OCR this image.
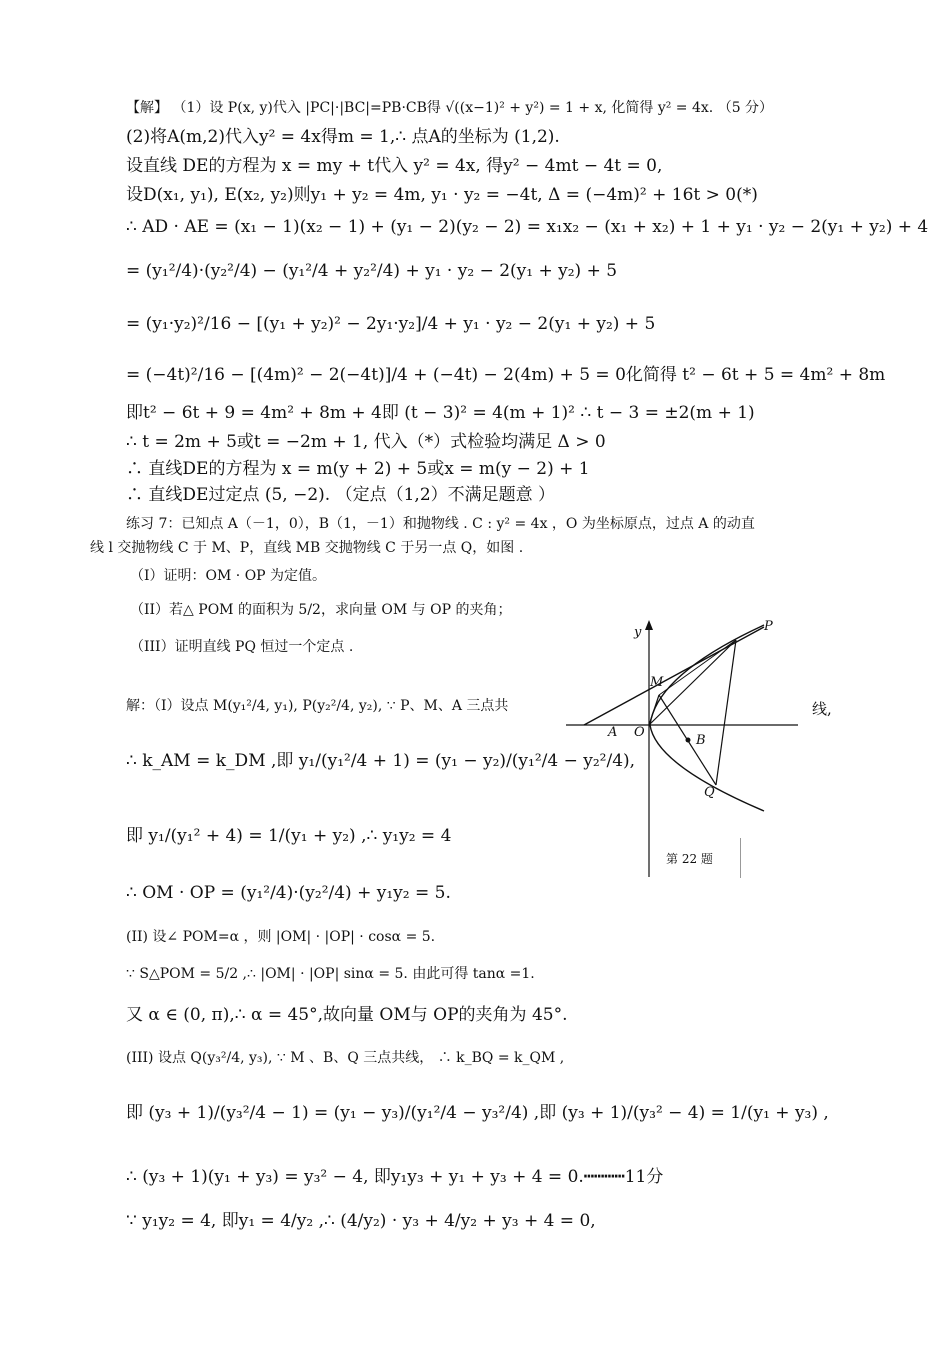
【解】 （1）设 P(x, y)代入 |PC|·|BC|=PB·CB得 √((x−1)² + y²) = 1 + x, 化简得 y² = 4x. （5 分）
(2)将A(m,2)代入y² = 4x得m = 1,∴ 点A的坐标为 (1,2).
设直线 DE的方程为 x = my + t代入 y² = 4x, 得y² − 4mt − 4t = 0,
设D(x₁, y₁), E(x₂, y₂)则y₁ + y₂ = 4m, y₁ · y₂ = −4t, Δ = (−4m)² + 16t > 0(*)
∴ AD · AE = (x₁ − 1)(x₂ − 1) + (y₁ − 2)(y₂ − 2) = x₁x₂ − (x₁ + x₂) + 1 + y₁ · y₂ − 2(y₁ + y₂) + 4
= (y₁²/4)·(y₂²/4) − (y₁²/4 + y₂²/4) + y₁ · y₂ − 2(y₁ + y₂) + 5
= (y₁·y₂)²/16 − [(y₁ + y₂)² − 2y₁·y₂]/4 + y₁ · y₂ − 2(y₁ + y₂) + 5
= (−4t)²/16 − [(4m)² − 2(−4t)]/4 + (−4t) − 2(4m) + 5 = 0化简得 t² − 6t + 5 = 4m² + 8m
即t² − 6t + 9 = 4m² + 8m + 4即 (t − 3)² = 4(m + 1)² ∴ t − 3 = ±2(m + 1)
∴ t = 2m + 5或t = −2m + 1, 代入（*）式检验均满足 Δ > 0
∴ 直线DE的方程为 x = m(y + 2) + 5或x = m(y − 2) + 1
∴ 直线DE过定点 (5, −2). （定点（1,2）不满足题意 ）
练习 7：已知点 A（－1，0），B（1，－1）和抛物线 . C : y² = 4x ，O 为坐标原点，过点 A 的动直
线 l 交抛物线 C 于 M、P，直线 MB 交抛物线 C 于另一点 Q，如图 .
（I）证明：OM · OP 为定值。
（II）若△ POM 的面积为 5/2，求向量 OM 与 OP 的夹角；
（III）证明直线 PQ 恒过一个定点 .
解：（I）设点 M(y₁²/4, y₁), P(y₂²/4, y₂), ∵ P、M、A 三点共
∴ k_AM = k_DM ,即 y₁/(y₁²/4 + 1) = (y₁ − y₂)/(y₁²/4 − y₂²/4),
即 y₁/(y₁² + 4) = 1/(y₁ + y₂) ,∴ y₁y₂ = 4
∴ OM · OP = (y₁²/4)·(y₂²/4) + y₁y₂ = 5.
(II) 设∠ POM=α ，则 |OM| · |OP| · cosα = 5.
∵ S△POM = 5/2 ,∴ |OM| · |OP| sinα = 5. 由此可得 tanα =1.
又 α ∈ (0, π),∴ α = 45°,故向量 OM与 OP的夹角为 45°.
(III) 设点 Q(y₃²/4, y₃), ∵ M 、B、Q 三点共线， ∴ k_BQ = k_QM ,
即 (y₃ + 1)/(y₃²/4 − 1) = (y₁ − y₃)/(y₁²/4 − y₃²/4) ,即 (y₃ + 1)/(y₃² − 4) = 1/(y₁ + y₃) ,
∴ (y₃ + 1)(y₁ + y₃) = y₃² − 4, 即y₁y₃ + y₁ + y₃ + 4 = 0.┅┅┅┅11分
∵ y₁y₂ = 4, 即y₁ = 4/y₂ ,∴ (4/y₂) · y₃ + 4/y₂ + y₃ + 4 = 0,
线,
y	P
M
A O
B
Q
第 22 题
